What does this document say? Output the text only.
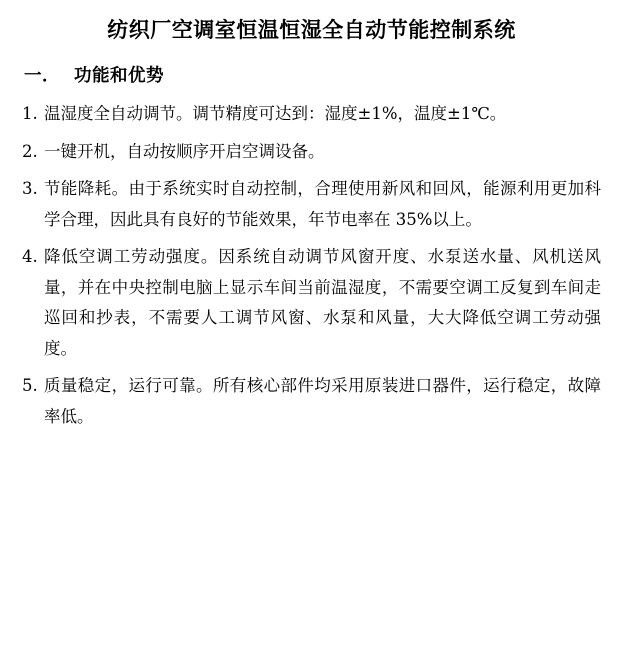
纺织厂空调室恒温恒湿全自动节能控制系统
一． 功能和优势
1. 温湿度全自动调节。调节精度可达到：湿度±1%，温度±1℃。
2. 一键开机，自动按顺序开启空调设备。
3. 节能降耗。由于系统实时自动控制，合理使用新风和回风，能源利用更加科学合理，因此具有良好的节能效果，年节电率在 35%以上。
4. 降低空调工劳动强度。因系统自动调节风窗开度、水泵送水量、风机送风量，并在中央控制电脑上显示车间当前温湿度，不需要空调工反复到车间走巡回和抄表，不需要人工调节风窗、水泵和风量，大大降低空调工劳动强度。
5. 质量稳定，运行可靠。所有核心部件均采用原装进口器件，运行稳定，故障率低。
